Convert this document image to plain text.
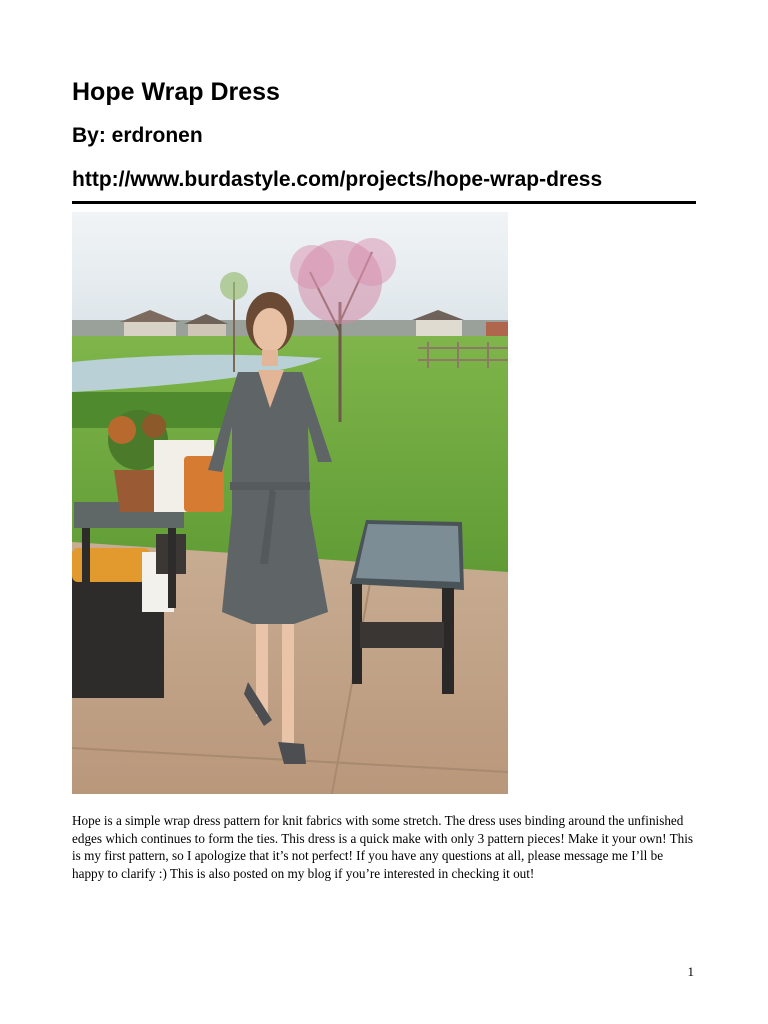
Hope Wrap Dress
By: erdronen
http://www.burdastyle.com/projects/hope-wrap-dress

Hope is a simple wrap dress pattern for knit fabrics with some stretch. The dress uses binding around the unfinished edges which continues to form the ties. This dress is a quick make with only 3 pattern pieces! Make it your own! This is my first pattern, so I apologize that it’s not perfect! If you have any questions at all, please message me I’ll be happy to clarify :) This is also posted on my blog if you’re interested in checking it out!

1
